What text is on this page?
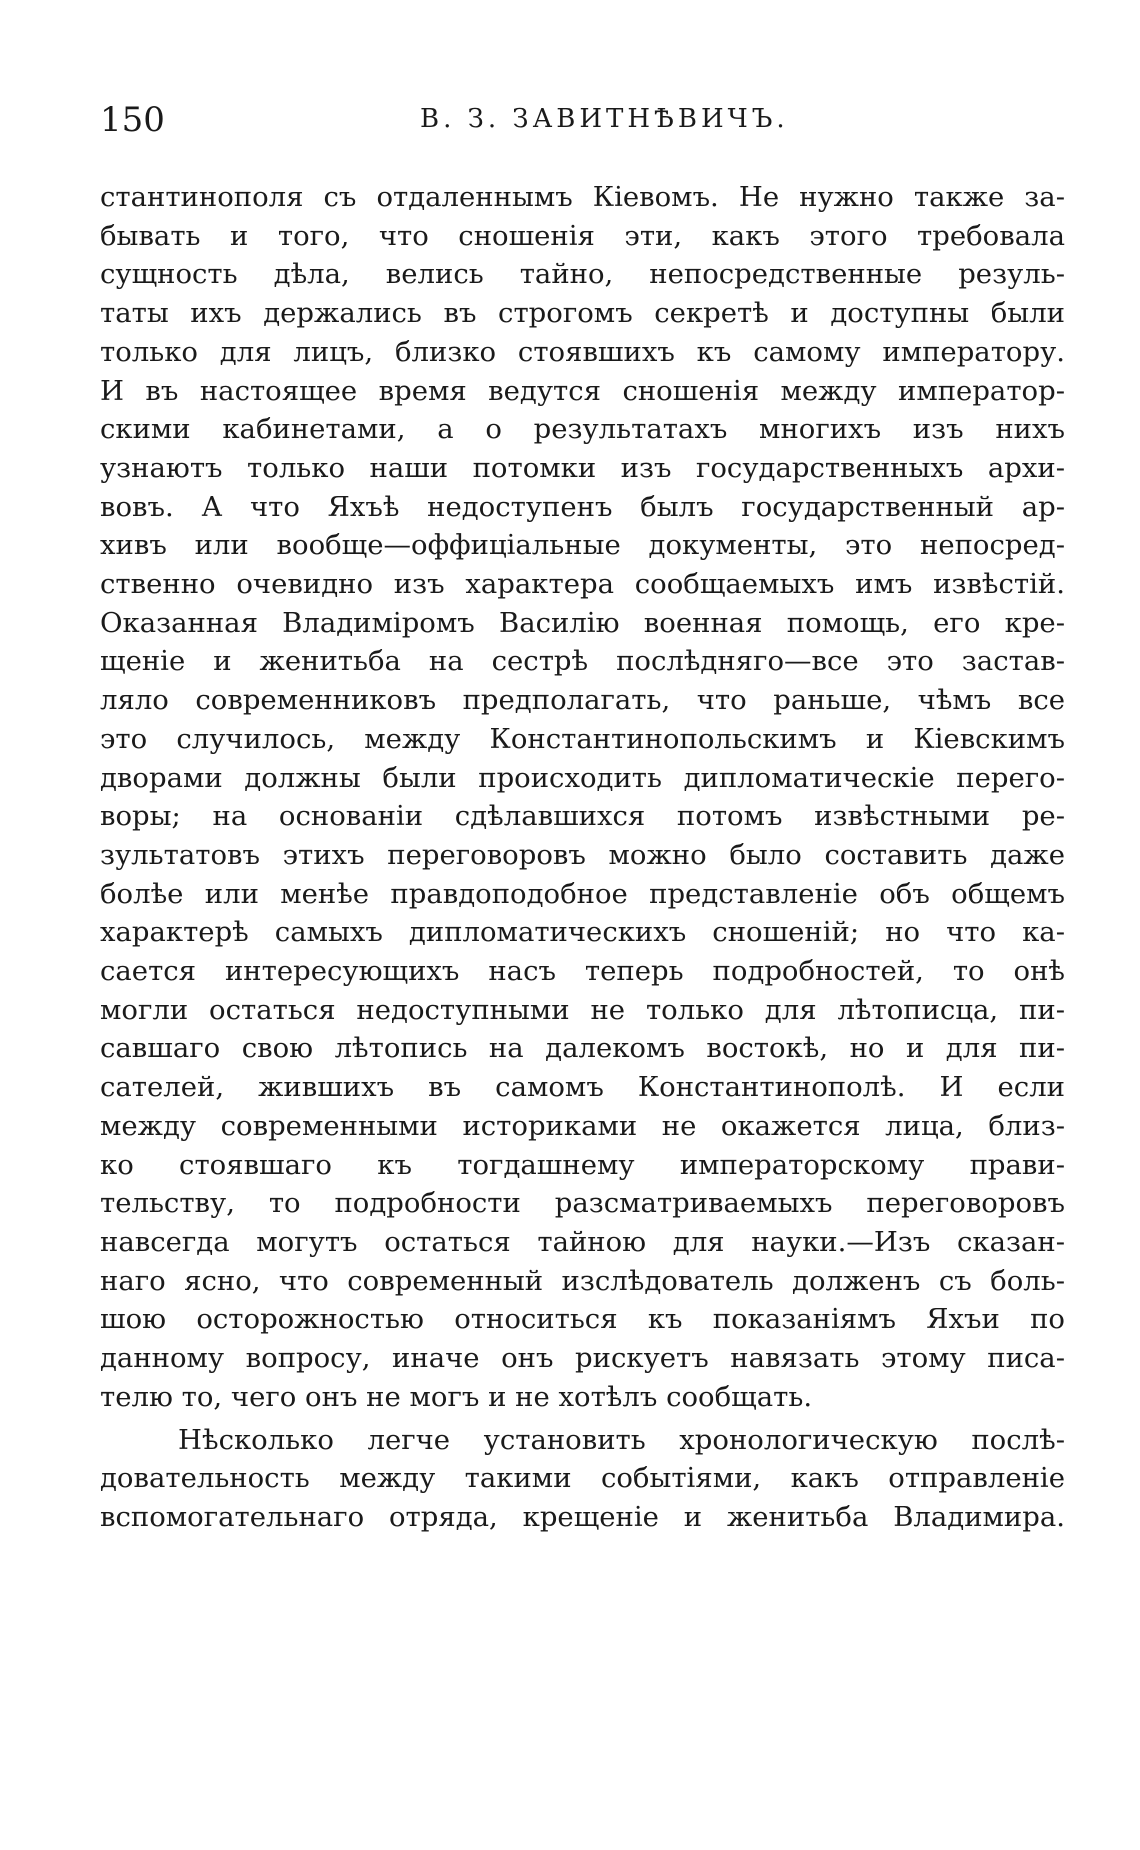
150	В. З. ЗАВИТНѢВИЧЪ.
стантинополя съ отдаленнымъ Кіевомъ. Не нужно также за-
бывать и того, что сношенія эти, какъ этого требовала
сущность дѣла, велись тайно, непосредственные резуль-
таты ихъ держались въ строгомъ секретѣ и доступны были
только для лицъ, близко стоявшихъ къ самому императору.
И въ настоящее время ведутся сношенія между император-
скими кабинетами, а о результатахъ многихъ изъ нихъ
узнаютъ только наши потомки изъ государственныхъ архи-
вовъ. А что Яхъѣ недоступенъ былъ государственный ар-
хивъ или вообще—оффиціальные документы, это непосред-
ственно очевидно изъ характера сообщаемыхъ имъ извѣстій.
Оказанная Владиміромъ Василію военная помощь, его кре-
щеніе и женитьба на сестрѣ послѣдняго—все это застав-
ляло современниковъ предполагать, что раньше, чѣмъ все
это случилось, между Константинопольскимъ и Кіевскимъ
дворами должны были происходить дипломатическіе перего-
воры; на основаніи сдѣлавшихся потомъ извѣстными ре-
зультатовъ этихъ переговоровъ можно было составить даже
болѣе или менѣе правдоподобное представленіе объ общемъ
характерѣ самыхъ дипломатическихъ сношеній; но что ка-
сается интересующихъ насъ теперь подробностей, то онѣ
могли остаться недоступными не только для лѣтописца, пи-
савшаго свою лѣтопись на далекомъ востокѣ, но и для пи-
сателей, жившихъ въ самомъ Константинополѣ. И если
между современными историками не окажется лица, близ-
ко стоявшаго къ тогдашнему императорскому прави-
тельству, то подробности разсматриваемыхъ переговоровъ
навсегда могутъ остаться тайною для науки.—Изъ сказан-
наго ясно, что современный изслѣдователь долженъ съ боль-
шою осторожностью относиться къ показаніямъ Яхъи по
данному вопросу, иначе онъ рискуетъ навязать этому писа-
телю то, чего онъ не могъ и не хотѣлъ сообщать.
Нѣсколько легче установить хронологическую послѣ-
довательность между такими событіями, какъ отправленіе
вспомогательнаго отряда, крещеніе и женитьба Владимира.
